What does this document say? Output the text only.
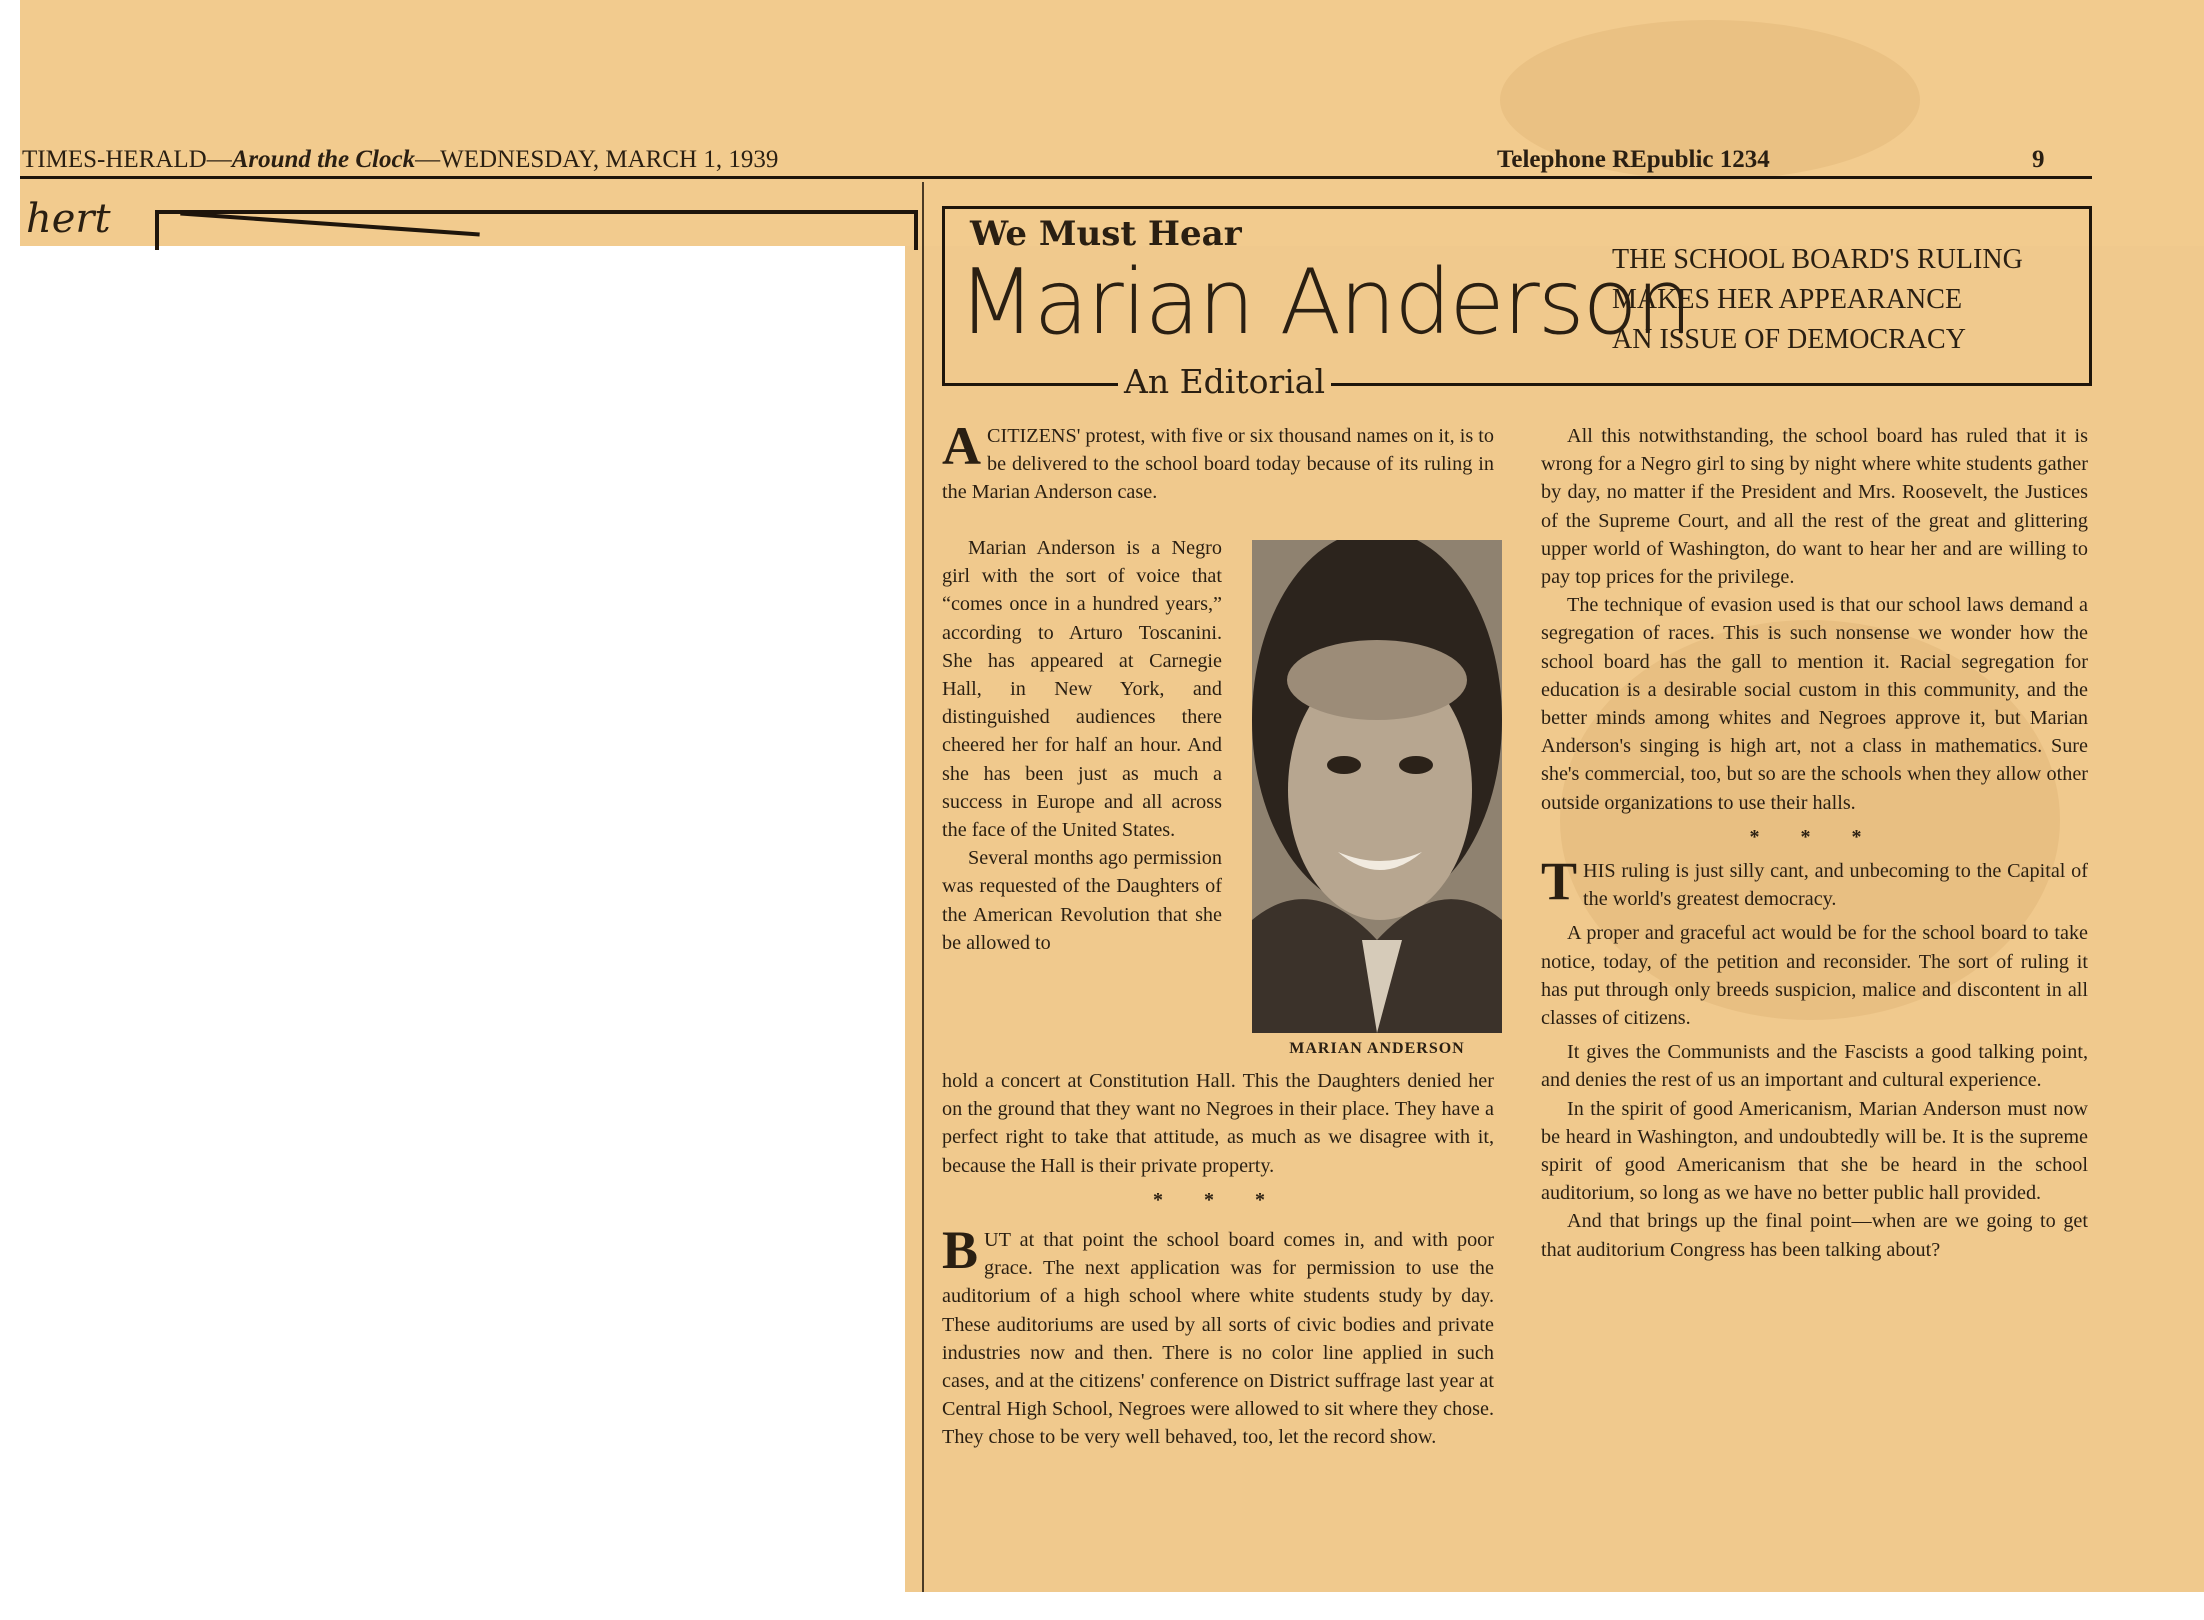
TIMES-HERALD—Around the Clock—WEDNESDAY, MARCH 1, 1939	Telephone REpublic 1234	9
hert	We Must Hear
Marian Anderson
THE SCHOOL BOARD'S RULING
MAKES HER APPEARANCE
AN ISSUE OF DEMOCRACY
An Editorial

ACITIZENS' protest, with five or six thousand names on it, is to be delivered to the school board today because of its ruling in the Marian Anderson case.

Marian Anderson is a Negro girl with the sort of voice that “comes once in a hundred years,” according to Arturo Toscanini. She has appeared at Carnegie Hall, in New York, and distinguished audiences there cheered her for half an hour. And she has been just as much a success in Europe and all across the face of the United States.

Several months ago permission was requested of the Daughters of the American Revolution that she be allowed to

MARIAN ANDERSON

hold a concert at Constitution Hall. This the Daughters denied her on the ground that they want no Negroes in their place. They have a perfect right to take that attitude, as much as we disagree with it, because the Hall is their private property.

* * *

BUT at that point the school board comes in, and with poor grace. The next application was for permission to use the auditorium of a high school where white students study by day. These auditoriums are used by all sorts of civic bodies and private industries now and then. There is no color line applied in such cases, and at the citizens' conference on District suffrage last year at Central High School, Negroes were allowed to sit where they chose. They chose to be very well behaved, too, let the record show.

All this notwithstanding, the school board has ruled that it is wrong for a Negro girl to sing by night where white students gather by day, no matter if the President and Mrs. Roosevelt, the Justices of the Supreme Court, and all the rest of the great and glittering upper world of Washington, do want to hear her and are willing to pay top prices for the privilege.

The technique of evasion used is that our school laws demand a segregation of races. This is such nonsense we wonder how the school board has the gall to mention it. Racial segregation for education is a desirable social custom in this community, and the better minds among whites and Negroes approve it, but Marian Anderson's singing is high art, not a class in mathematics. Sure she's commercial, too, but so are the schools when they allow other outside organizations to use their halls.

* * *

THIS ruling is just silly cant, and unbecoming to the Capital of the world's greatest democracy.

A proper and graceful act would be for the school board to take notice, today, of the petition and reconsider. The sort of ruling it has put through only breeds suspicion, malice and discontent in all classes of citizens.

It gives the Communists and the Fascists a good talking point, and denies the rest of us an important and cultural experience.

In the spirit of good Americanism, Marian Anderson must now be heard in Washington, and undoubtedly will be. It is the supreme spirit of good Americanism that she be heard in the school auditorium, so long as we have no better public hall provided.

And that brings up the final point—when are we going to get that auditorium Congress has been talking about?
